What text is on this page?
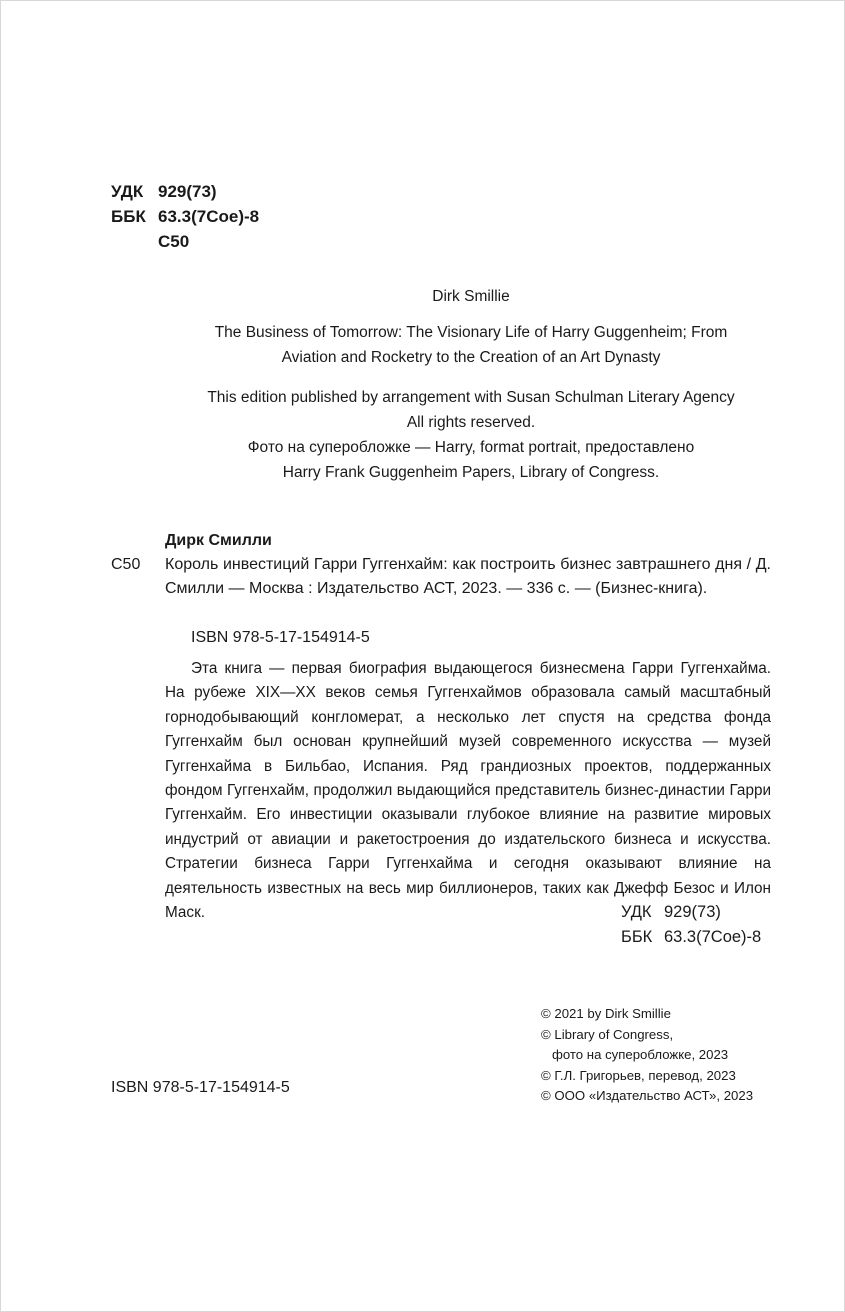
УДК 929(73)
ББК 63.3(7Сое)-8
С50
Dirk Smillie
The Business of Tomorrow: The Visionary Life of Harry Guggenheim; From
Aviation and Rocketry to the Creation of an Art Dynasty
This edition published by arrangement with Susan Schulman Literary Agency
All rights reserved.
Фото на суперобложке — Harry, format portrait, предоставлено
Harry Frank Guggenheim Papers, Library of Congress.
Дирк Смилли
С50 Король инвестиций Гарри Гуггенхайм: как построить бизнес завтрашнего дня / Д. Смилли — Москва : Издательство АСТ, 2023. — 336 с. — (Бизнес-книга).
ISBN 978-5-17-154914-5
Эта книга — первая биография выдающегося бизнесмена Гарри Гуггенхайма. На рубеже XIX—XX веков семья Гуггенхаймов образовала самый масштабный горнодобывающий конгломерат, а несколько лет спустя на средства фонда Гуггенхайм был основан крупнейший музей современного искусства — музей Гуггенхайма в Бильбао, Испания. Ряд грандиозных проектов, поддержанных фондом Гуггенхайм, продолжил выдающийся представитель бизнес-династии Гарри Гуггенхайм. Его инвестиции оказывали глубокое влияние на развитие мировых индустрий от авиации и ракетостроения до издательского бизнеса и искусства. Стратегии бизнеса Гарри Гуггенхайма и сегодня оказывают влияние на деятельность известных на весь мир биллионеров, таких как Джефф Безос и Илон Маск.	УДК 929(73)
ББК 63.3(7Сое)-8
© 2021 by Dirk Smillie
© Library of Congress,
фото на суперобложке, 2023
© Г.Л. Григорьев, перевод, 2023
© ООО «Издательство АСТ», 2023
ISBN 978-5-17-154914-5
